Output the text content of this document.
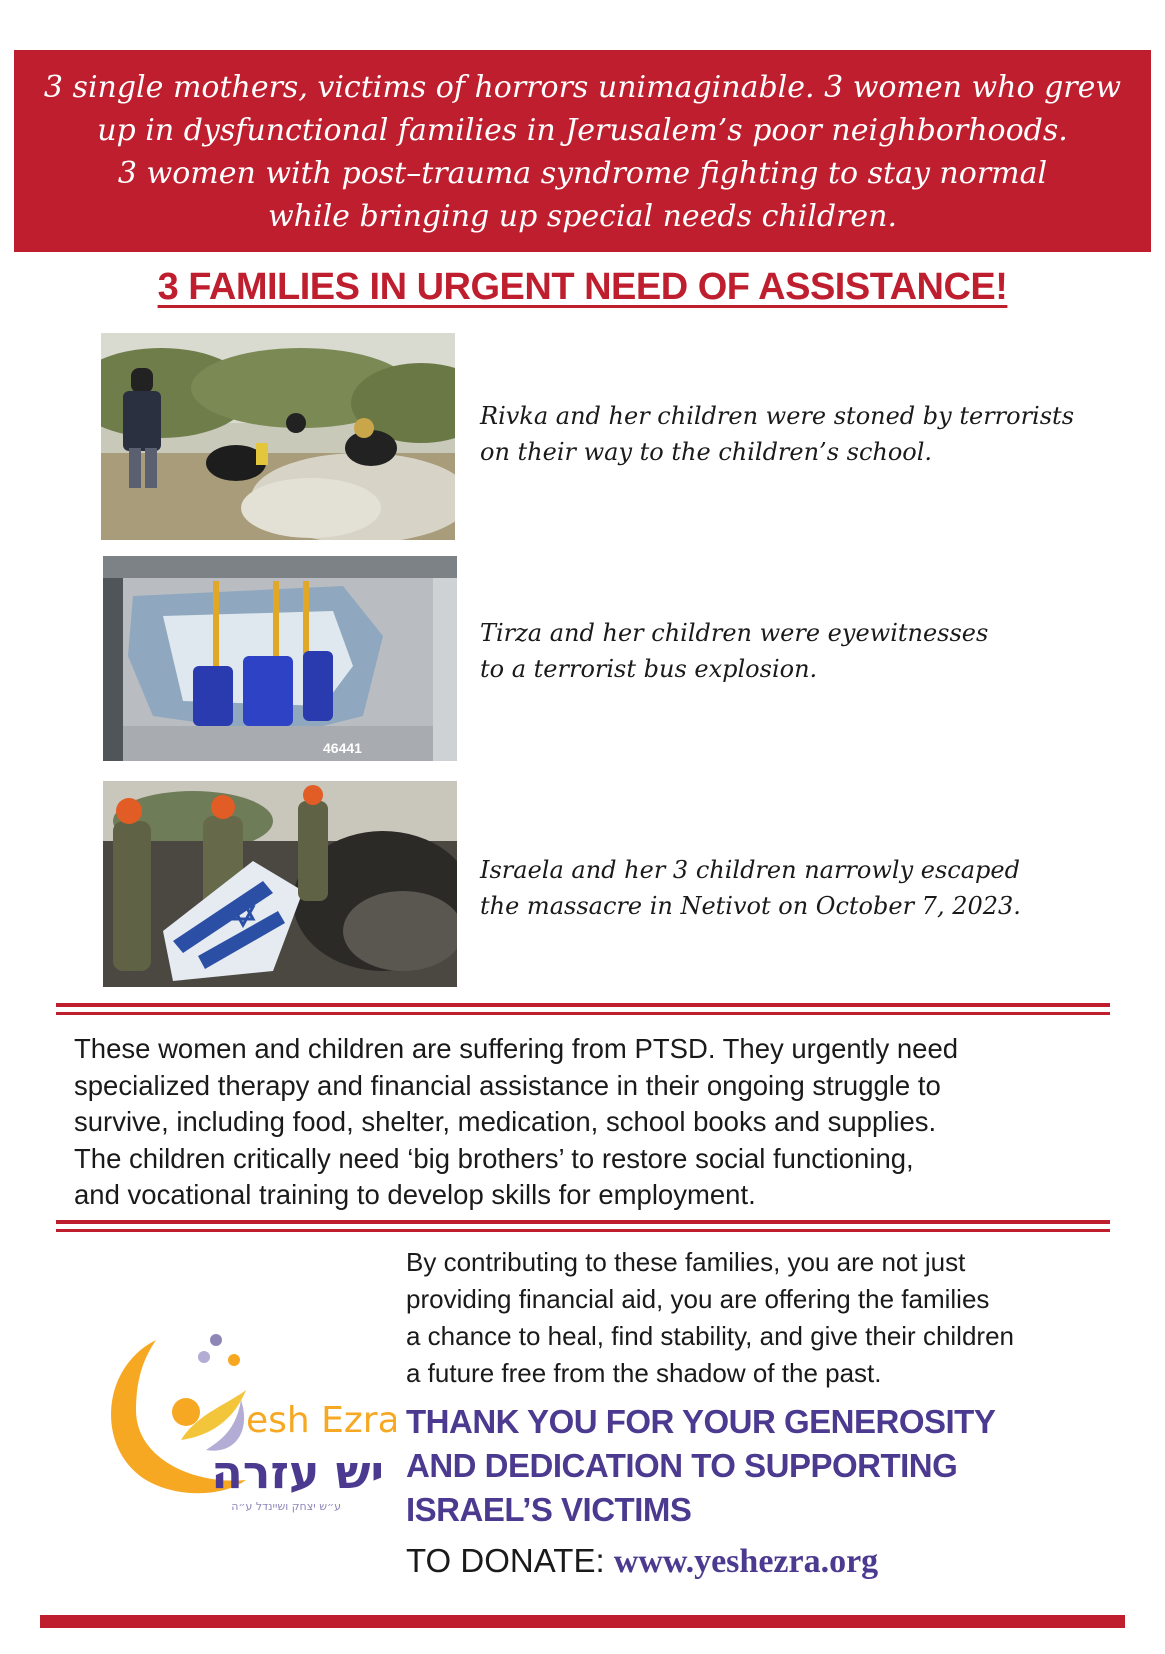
3 single mothers, victims of horrors unimaginable. 3 women who grew
up in dysfunctional families in Jerusalem’s poor neighborhoods.
3 women with post–trauma syndrome fighting to stay normal
while bringing up special needs children.
3 FAMILIES IN URGENT NEED OF ASSISTANCE!
Rivka and her children were stoned by terrorists
on their way to the children’s school.
46441
Tirza and her children were eyewitnesses
to a terrorist bus explosion.
Israela and her 3 children narrowly escaped
the massacre in Netivot on October 7, 2023.
These women and children are suffering from PTSD. They urgently need
specialized therapy and financial assistance in their ongoing struggle to
survive, including food, shelter, medication, school books and supplies.
The children critically need ‘big brothers’ to restore social functioning,
and vocational training to develop skills for employment.
esh Ezra
יש עזרה
ע״ש יצחק ושיינדל ע״ה
By contributing to these families, you are not just
providing financial aid, you are offering the families
a chance to heal, find stability, and give their children
a future free from the shadow of the past.
THANK YOU FOR YOUR GENEROSITY
AND DEDICATION TO SUPPORTING
ISRAEL’S VICTIMS
TO DONATE: www.yeshezra.org
